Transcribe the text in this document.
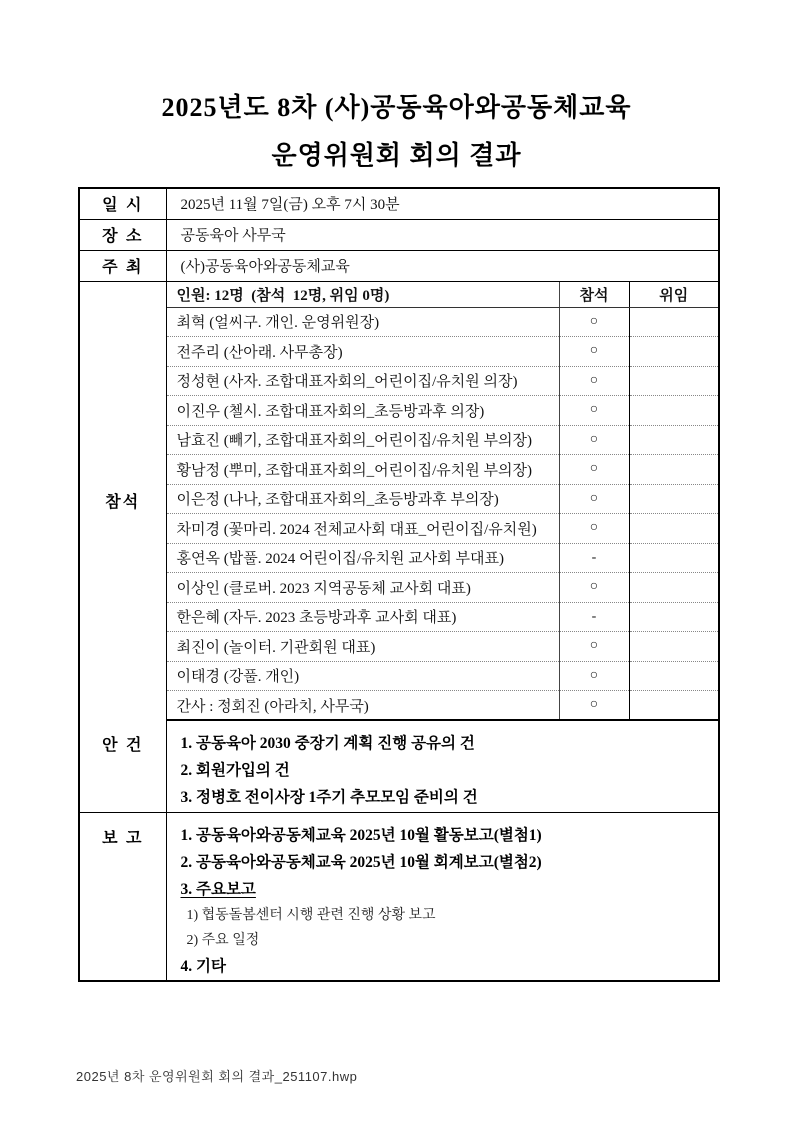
2025년도 8차 (사)공동육아와공동체교육
운영위원회 회의 결과
일 시	2025년 11월 7일(금) 오후 7시 30분		
장 소	공동육아 사무국		
주 최	(사)공동육아와공동체교육		
참석	인원: 12명  (참석  12명, 위임 0명)	참석	위임
	최혁 (얼씨구. 개인. 운영위원장)	○	
	전주리 (산아래. 사무총장)	○	
	정성현 (사자. 조합대표자회의_어린이집/유치원 의장)	○	
	이진우 (첼시. 조합대표자회의_초등방과후 의장)	○	
	남효진 (빼기, 조합대표자회의_어린이집/유치원 부의장)	○	
	황남정 (뿌미, 조합대표자회의_어린이집/유치원 부의장)	○	
	이은정 (나나, 조합대표자회의_초등방과후 부의장)	○	
	차미경 (꽃마리. 2024 전체교사회 대표_어린이집/유치원)	○	
	홍연옥 (밥풀. 2024 어린이집/유치원 교사회 부대표)	-	
	이상인 (클로버. 2023 지역공동체 교사회 대표)	○	
	한은혜 (자두. 2023 초등방과후 교사회 대표)	-	
	최진이 (놀이터. 기관회원 대표)	○	
	이태경 (강풀. 개인)	○	
	간사 : 정회진 (아라치, 사무국)	○	
안 건	1. 공동육아 2030 중장기 계획 진행 공유의 건
2. 회원가입의 건
3. 정병호 전이사장 1주기 추모모임 준비의 건		

보 고	1. 공동육아와공동체교육 2025년 10월 활동보고(별첨1)
2. 공동육아와공동체교육 2025년 10월 회계보고(별첨2)
3. 주요보고
1) 협동돌봄센터 시행 관련 진행 상황 보고
2) 주요 일정
4. 기타
2025년 8차 운영위원회 회의 결과_251107.hwp
